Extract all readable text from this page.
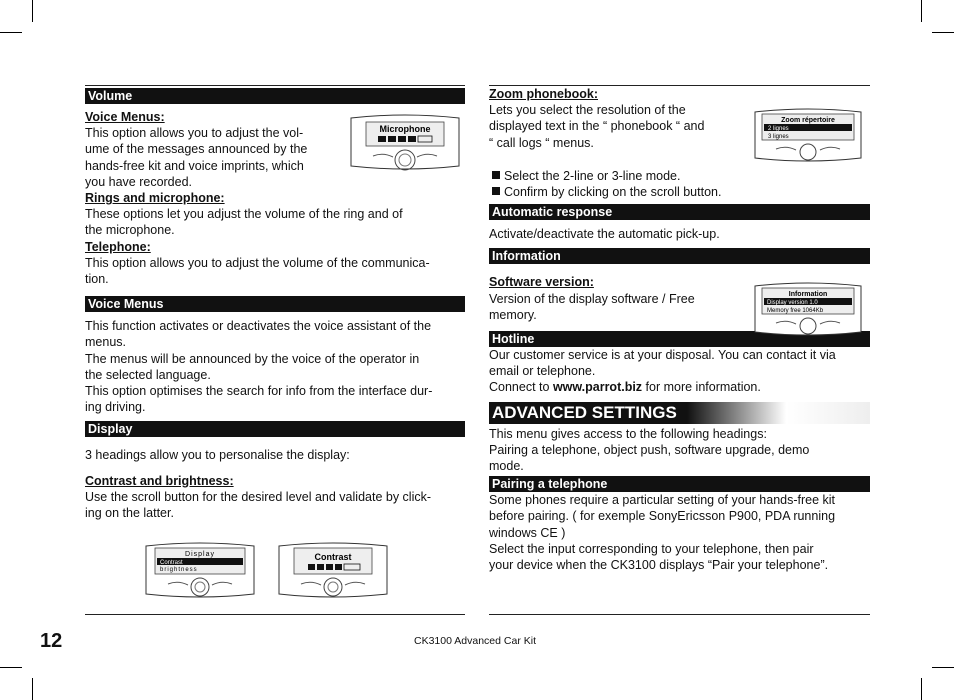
Volume

Voice Menus:

This option allows you to adjust the vol-

ume of the messages announced by the

hands-free kit and voice imprints, which

you have recorded.

Rings and microphone:

These options let you adjust the volume of the ring and of

the microphone.

Telephone:

This option allows you to adjust the volume of the communica-

tion.

Voice Menus

This function activates or deactivates the voice assistant of the

menus.

The menus will be announced by the voice of the operator in

the selected language.

This option optimises the search for info from the interface dur-

ing driving.

Display

3 headings allow you to personalise the display:

Contrast and brightness:

Use the scroll button for the desired level and validate by click-

ing on the latter.

Microphone
Display
Contrast
brightness
Contrast

Zoom phonebook:

Lets you select the resolution of the

displayed text in the “ phonebook “ and

“ call logs “ menus.

Select the 2-line or 3-line mode.

Confirm by clicking on the scroll button.

Automatic response

Activate/deactivate the automatic pick-up.

Information

Software version:

Version of the display software / Free

memory.

Hotline

Our customer service is at your disposal. You can contact it via

email or telephone.

Connect to www.parrot.biz for more information.

ADVANCED SETTINGS

This menu gives access to the following headings:

Pairing a telephone, object push, software upgrade, demo

mode.

Pairing a telephone

Some phones require a particular setting of your hands-free kit

before pairing. ( for exemple SonyEricsson P900, PDA running

windows CE )

Select the input corresponding to your telephone, then pair

your device when the CK3100 displays “Pair your telephone”.

Zoom répertoire
2 lignes
3 lignes
Information
Display version 1.0
Memory free 1064Kb
12	CK3100 Advanced Car Kit
